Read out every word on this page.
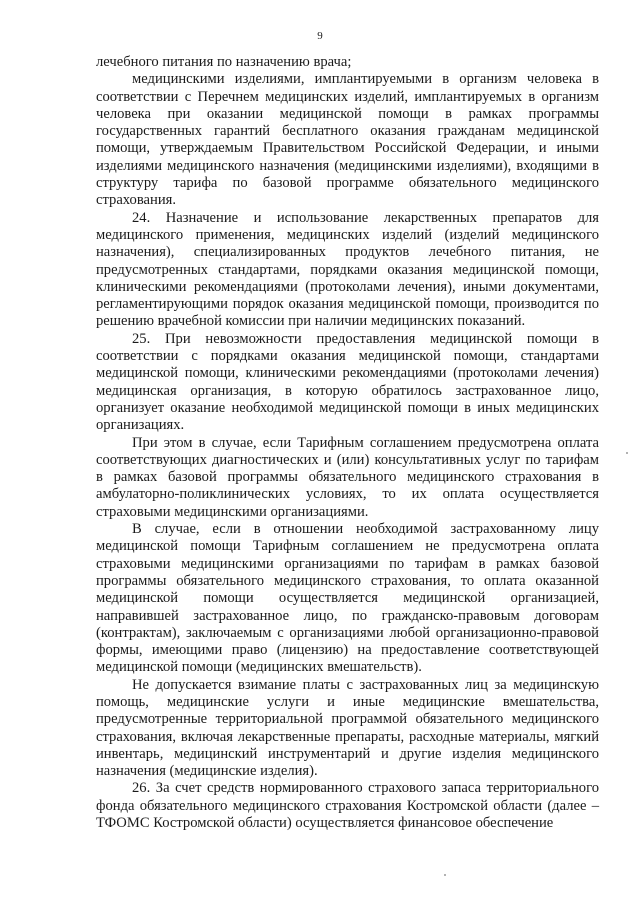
9

лечебного питания по назначению врача;

медицинскими изделиями, имплантируемыми в организм человека в соответствии с Перечнем медицинских изделий, имплантируемых в организм человека при оказании медицинской помощи в рамках программы государственных гарантий бесплатного оказания гражданам медицинской помощи, утверждаемым Правительством Российской Федерации, и иными изделиями медицинского назначения (медицинскими изделиями), входящими в структуру тарифа по базовой программе обязательного медицинского страхования.

24. Назначение и использование лекарственных препаратов для медицинского применения, медицинских изделий (изделий медицинского назначения), специализированных продуктов лечебного питания, не предусмотренных стандартами, порядками оказания медицинской помощи, клиническими рекомендациями (протоколами лечения), иными документами, регламентирующими порядок оказания медицинской помощи, производится по решению врачебной комиссии при наличии медицинских показаний.

25. При невозможности предоставления медицинской помощи в соответствии с порядками оказания медицинской помощи, стандартами медицинской помощи, клиническими рекомендациями (протоколами лечения) медицинская организация, в которую обратилось застрахованное лицо, организует оказание необходимой медицинской помощи в иных медицинских организациях.

При этом в случае, если Тарифным соглашением предусмотрена оплата соответствующих диагностических и (или) консультативных услуг по тарифам в рамках базовой программы обязательного медицинского страхования в амбулаторно-поликлинических условиях, то их оплата осуществляется страховыми медицинскими организациями.

В случае, если в отношении необходимой застрахованному лицу медицинской помощи Тарифным соглашением не предусмотрена оплата страховыми медицинскими организациями по тарифам в рамках базовой программы обязательного медицинского страхования, то оплата оказанной медицинской помощи осуществляется медицинской организацией, направившей застрахованное лицо, по гражданско-правовым договорам (контрактам), заключаемым с организациями любой организационно-правовой формы, имеющими право (лицензию) на предоставление соответствующей медицинской помощи (медицинских вмешательств).

Не допускается взимание платы с застрахованных лиц за медицинскую помощь, медицинские услуги и иные медицинские вмешательства, предусмотренные территориальной программой обязательного медицинского страхования, включая лекарственные препараты, расходные материалы, мягкий инвентарь, медицинский инструментарий и другие изделия медицинского назначения (медицинские изделия).

26. За счет средств нормированного страхового запаса территориального фонда обязательного медицинского страхования Костромской области (далее – ТФОМС Костромской области) осуществляется финансовое обеспечение
